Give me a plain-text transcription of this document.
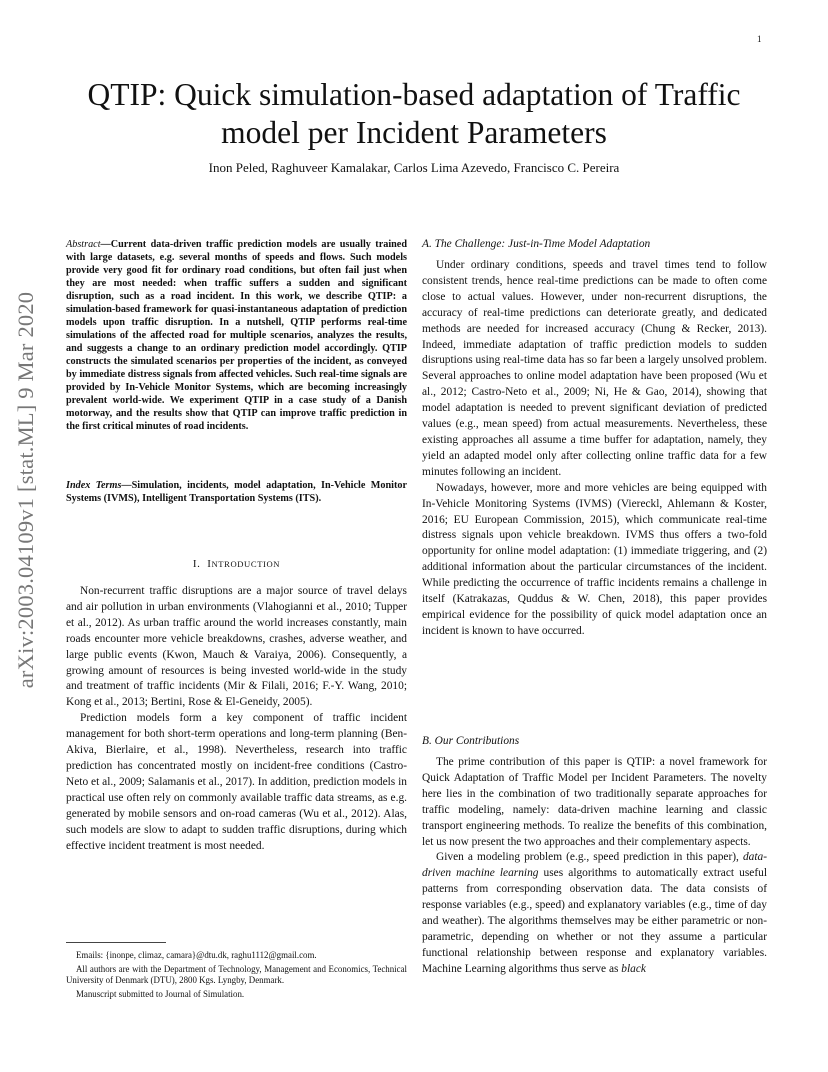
1
arXiv:2003.04109v1 [stat.ML] 9 Mar 2020
QTIP: Quick simulation-based adaptation of Traffic model per Incident Parameters
Inon Peled, Raghuveer Kamalakar, Carlos Lima Azevedo, Francisco C. Pereira
Abstract—Current data-driven traffic prediction models are usually trained with large datasets, e.g. several months of speeds and flows. Such models provide very good fit for ordinary road conditions, but often fail just when they are most needed: when traffic suffers a sudden and significant disruption, such as a road incident. In this work, we describe QTIP: a simulation-based framework for quasi-instantaneous adaptation of prediction models upon traffic disruption. In a nutshell, QTIP performs real-time simulations of the affected road for multiple scenarios, analyzes the results, and suggests a change to an ordinary prediction model accordingly. QTIP constructs the simulated scenarios per properties of the incident, as conveyed by immediate distress signals from affected vehicles. Such real-time signals are provided by In-Vehicle Monitor Systems, which are becoming increasingly prevalent world-wide. We experiment QTIP in a case study of a Danish motorway, and the results show that QTIP can improve traffic prediction in the first critical minutes of road incidents.
Index Terms—Simulation, incidents, model adaptation, In-Vehicle Monitor Systems (IVMS), Intelligent Transportation Systems (ITS).
I. INTRODUCTION

Non-recurrent traffic disruptions are a major source of travel delays and air pollution in urban environments (Vlahogianni et al., 2010; Tupper et al., 2012). As urban traffic around the world increases constantly, main roads encounter more vehicle breakdowns, crashes, adverse weather, and large public events (Kwon, Mauch & Varaiya, 2006). Consequently, a growing amount of resources is being invested world-wide in the study and treatment of traffic incidents (Mir & Filali, 2016; F.-Y. Wang, 2010; Kong et al., 2013; Bertini, Rose & El-Geneidy, 2005).

Prediction models form a key component of traffic incident management for both short-term operations and long-term planning (Ben-Akiva, Bierlaire, et al., 1998). Nevertheless, research into traffic prediction has concentrated mostly on incident-free conditions (Castro-Neto et al., 2009; Salamanis et al., 2017). In addition, prediction models in practical use often rely on commonly available traffic data streams, as e.g. generated by mobile sensors and on-road cameras (Wu et al., 2012). Alas, such models are slow to adapt to sudden traffic disruptions, during which effective incident treatment is most needed.

Emails: {inonpe, climaz, camara}@dtu.dk, raghu1112@gmail.com.

All authors are with the Department of Technology, Management and Economics, Technical University of Denmark (DTU), 2800 Kgs. Lyngby, Denmark.

Manuscript submitted to Journal of Simulation.

A. The Challenge: Just-in-Time Model Adaptation

Under ordinary conditions, speeds and travel times tend to follow consistent trends, hence real-time predictions can be made to often come close to actual values. However, under non-recurrent disruptions, the accuracy of real-time predictions can deteriorate greatly, and dedicated methods are needed for increased accuracy (Chung & Recker, 2013). Indeed, immediate adaptation of traffic prediction models to sudden disruptions using real-time data has so far been a largely unsolved problem. Several approaches to online model adaptation have been proposed (Wu et al., 2012; Castro-Neto et al., 2009; Ni, He & Gao, 2014), showing that model adaptation is needed to prevent significant deviation of predicted values (e.g., mean speed) from actual measurements. Nevertheless, these existing approaches all assume a time buffer for adaptation, namely, they yield an adapted model only after collecting online traffic data for a few minutes following an incident.

Nowadays, however, more and more vehicles are being equipped with In-Vehicle Monitoring Systems (IVMS) (Viereckl, Ahlemann & Koster, 2016; EU European Commission, 2015), which communicate real-time distress signals upon vehicle breakdown. IVMS thus offers a two-fold opportunity for online model adaptation: (1) immediate triggering, and (2) additional information about the particular circumstances of the incident. While predicting the occurrence of traffic incidents remains a challenge in itself (Katrakazas, Quddus & W. Chen, 2018), this paper provides empirical evidence for the possibility of quick model adaptation once an incident is known to have occurred.

B. Our Contributions

The prime contribution of this paper is QTIP: a novel framework for Quick Adaptation of Traffic Model per Incident Parameters. The novelty here lies in the combination of two traditionally separate approaches for traffic modeling, namely: data-driven machine learning and classic transport engineering methods. To realize the benefits of this combination, let us now present the two approaches and their complementary aspects.

Given a modeling problem (e.g., speed prediction in this paper), data-driven machine learning uses algorithms to automatically extract useful patterns from corresponding observation data. The data consists of response variables (e.g., speed) and explanatory variables (e.g., time of day and weather). The algorithms themselves may be either parametric or non-parametric, depending on whether or not they assume a particular functional relationship between response and explanatory variables. Machine Learning algorithms thus serve as black
